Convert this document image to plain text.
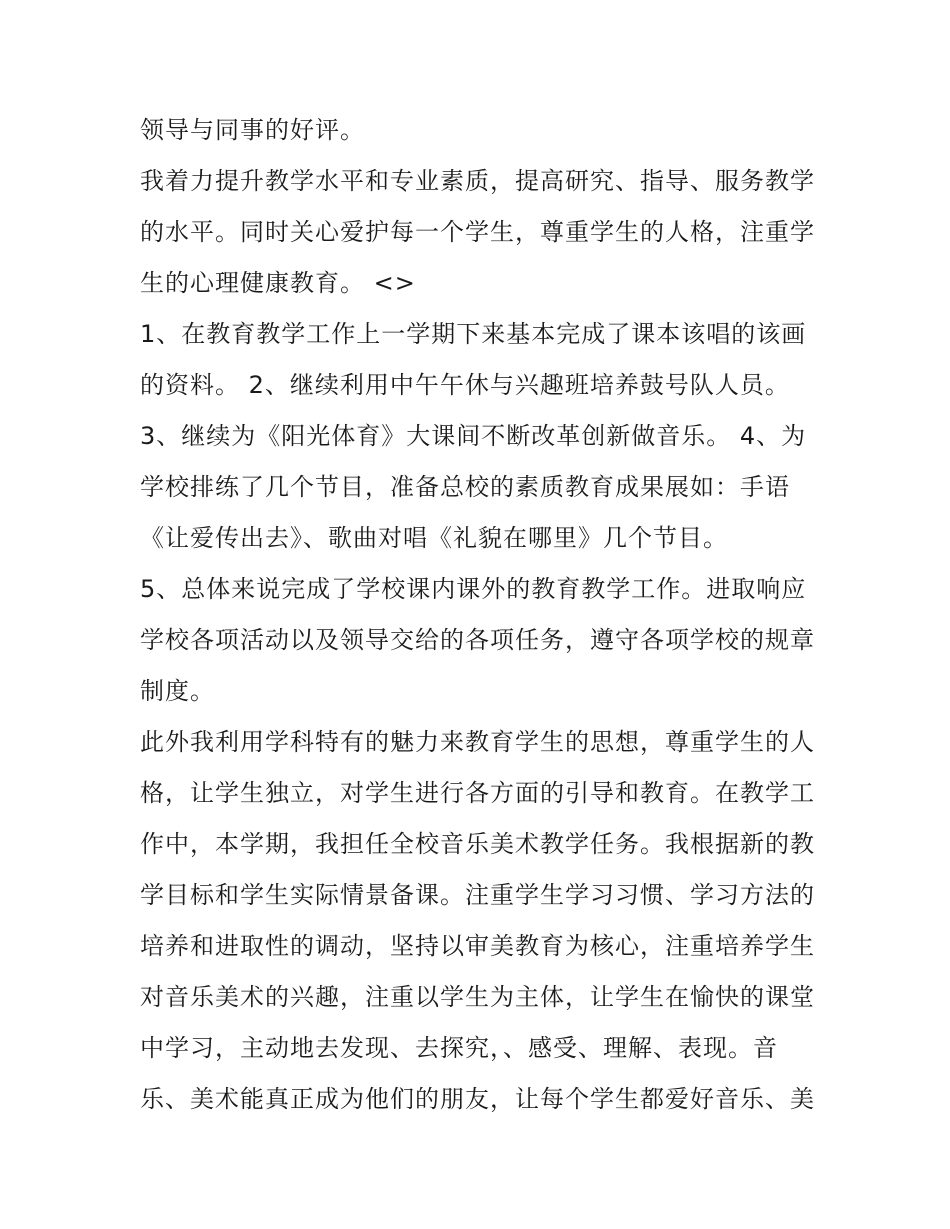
领导与同事的好评。
我着力提升教学水平和专业素质，提高研究、指导、服务教学
的水平。同时关心爱护每一个学生，尊重学生的人格，注重学
生的心理健康教育。 <>
1、在教育教学工作上一学期下来基本完成了课本该唱的该画
的资料。 2、继续利用中午午休与兴趣班培养鼓号队人员。
3、继续为《阳光体育》大课间不断改革创新做音乐。 4、为
学校排练了几个节目，准备总校的素质教育成果展如：手语
《让爱传出去》、歌曲对唱《礼貌在哪里》几个节目。
5、总体来说完成了学校课内课外的教育教学工作。进取响应
学校各项活动以及领导交给的各项任务，遵守各项学校的规章
制度。
此外我利用学科特有的魅力来教育学生的思想，尊重学生的人
格，让学生独立，对学生进行各方面的引导和教育。在教学工
作中，本学期，我担任全校音乐美术教学任务。我根据新的教
学目标和学生实际情景备课。注重学生学习习惯、学习方法的
培养和进取性的调动，坚持以审美教育为核心，注重培养学生
对音乐美术的兴趣，注重以学生为主体，让学生在愉快的课堂
中学习，主动地去发现、去探究，、感受、理解、表现。音
乐、美术能真正成为他们的朋友，让每个学生都爱好音乐、美
